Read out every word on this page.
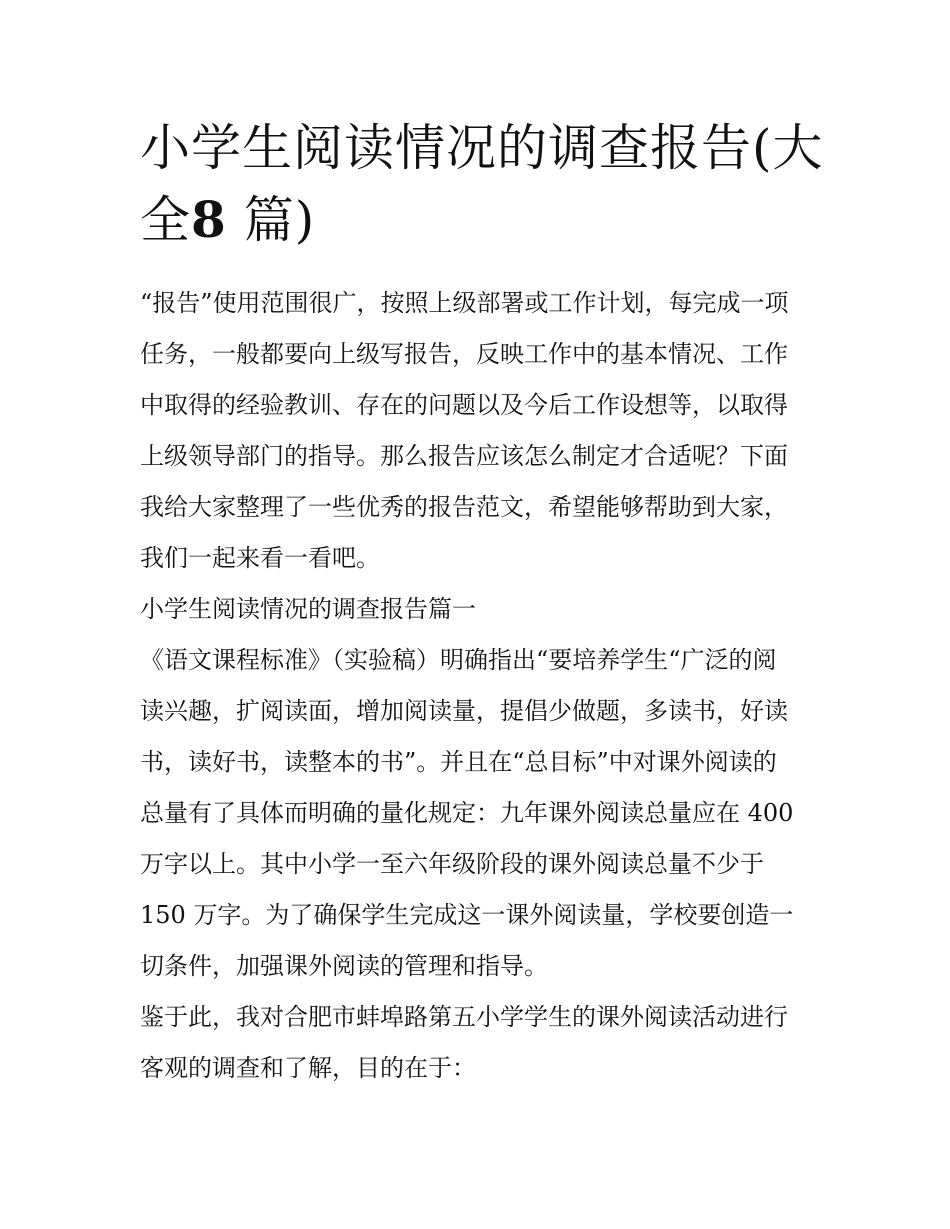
小学生阅读情况的调查报告(大全8 篇)
“报告”使用范围很广，按照上级部署或工作计划，每完成一项
任务，一般都要向上级写报告，反映工作中的基本情况、工作
中取得的经验教训、存在的问题以及今后工作设想等，以取得
上级领导部门的指导。那么报告应该怎么制定才合适呢？下面
我给大家整理了一些优秀的报告范文，希望能够帮助到大家，
我们一起来看一看吧。
小学生阅读情况的调查报告篇一
《语文课程标准》（实验稿）明确指出“要培养学生“广泛的阅
读兴趣，扩阅读面，增加阅读量，提倡少做题，多读书，好读
书，读好书，读整本的书”。并且在“总目标”中对课外阅读的
总量有了具体而明确的量化规定：九年课外阅读总量应在 400
万字以上。其中小学一至六年级阶段的课外阅读总量不少于
150 万字。为了确保学生完成这一课外阅读量，学校要创造一
切条件，加强课外阅读的管理和指导。
鉴于此，我对合肥市蚌埠路第五小学学生的课外阅读活动进行
客观的调查和了解，目的在于：
